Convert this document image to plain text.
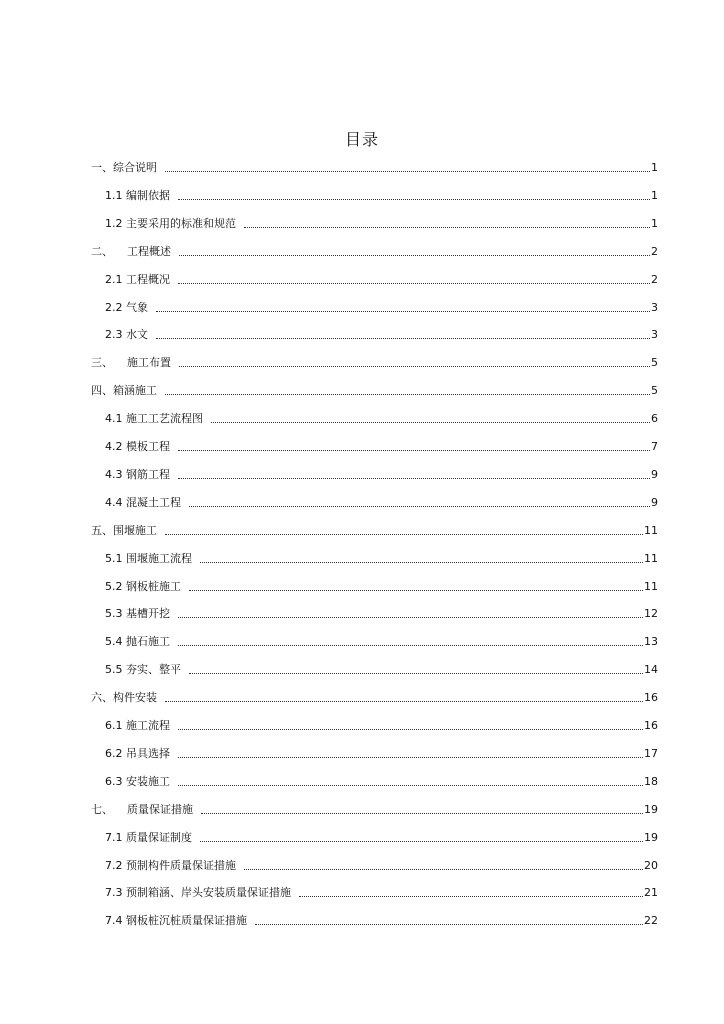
目录
一、综合说明	1
1.1 编制依据	1
1.2 主要采用的标准和规范	1
二、    工程概述	2
2.1 工程概况	2
2.2 气象	3
2.3 水文	3
三、    施工布置	5
四、箱涵施工	5
4.1 施工工艺流程图	6
4.2 模板工程	7
4.3 钢筋工程	9
4.4 混凝土工程	9
五、围堰施工	11
5.1 围堰施工流程	11
5.2 钢板桩施工	11
5.3 基槽开挖	12
5.4 抛石施工	13
5.5 夯实、整平	14
六、构件安装	16
6.1 施工流程	16
6.2 吊具选择	17
6.3 安装施工	18
七、    质量保证措施	19
7.1 质量保证制度	19
7.2 预制构件质量保证措施	20
7.3 预制箱涵、岸头安装质量保证措施	21
7.4 钢板桩沉桩质量保证措施	22
